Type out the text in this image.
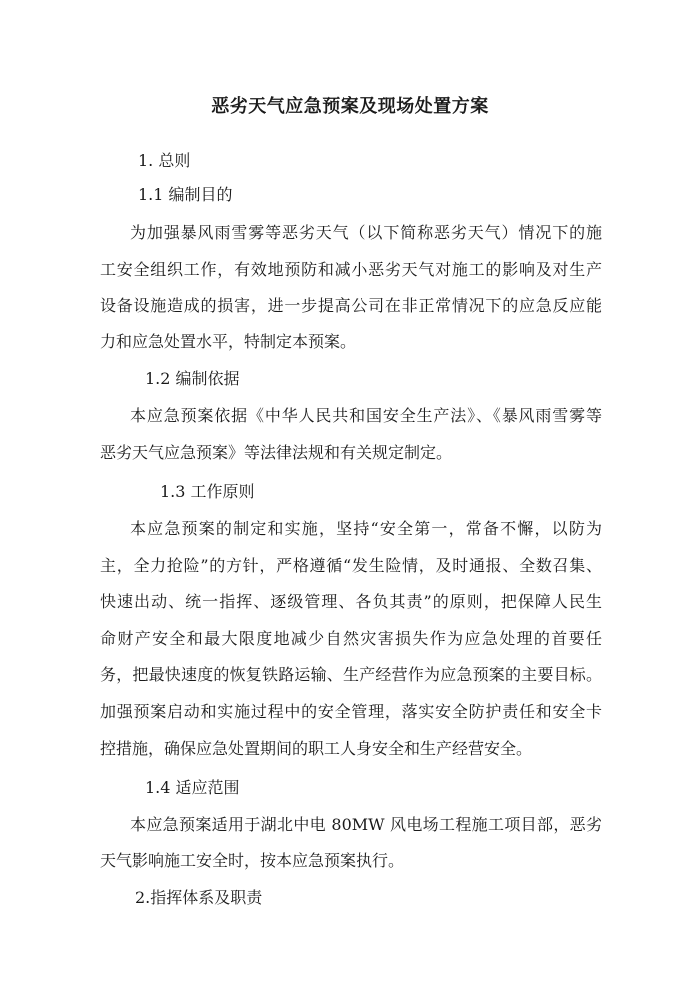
恶劣天气应急预案及现场处置方案
1. 总则
1.1 编制目的
为加强暴风雨雪雾等恶劣天气（以下简称恶劣天气）情况下的施
工安全组织工作，有效地预防和减小恶劣天气对施工的影响及对生产
设备设施造成的损害，进一步提高公司在非正常情况下的应急反应能
力和应急处置水平，特制定本预案。
1.2 编制依据
本应急预案依据《中华人民共和国安全生产法》、《暴风雨雪雾等
恶劣天气应急预案》等法律法规和有关规定制定。
1.3 工作原则
本应急预案的制定和实施，坚持“安全第一，常备不懈，以防为
主，全力抢险”的方针，严格遵循“发生险情，及时通报、全数召集、
快速出动、统一指挥、逐级管理、各负其责”的原则，把保障人民生
命财产安全和最大限度地减少自然灾害损失作为应急处理的首要任
务，把最快速度的恢复铁路运输、生产经营作为应急预案的主要目标。
加强预案启动和实施过程中的安全管理，落实安全防护责任和安全卡
控措施，确保应急处置期间的职工人身安全和生产经营安全。
1.4 适应范围
本应急预案适用于湖北中电 80MW 风电场工程施工项目部，恶劣
天气影响施工安全时，按本应急预案执行。
2.指挥体系及职责
